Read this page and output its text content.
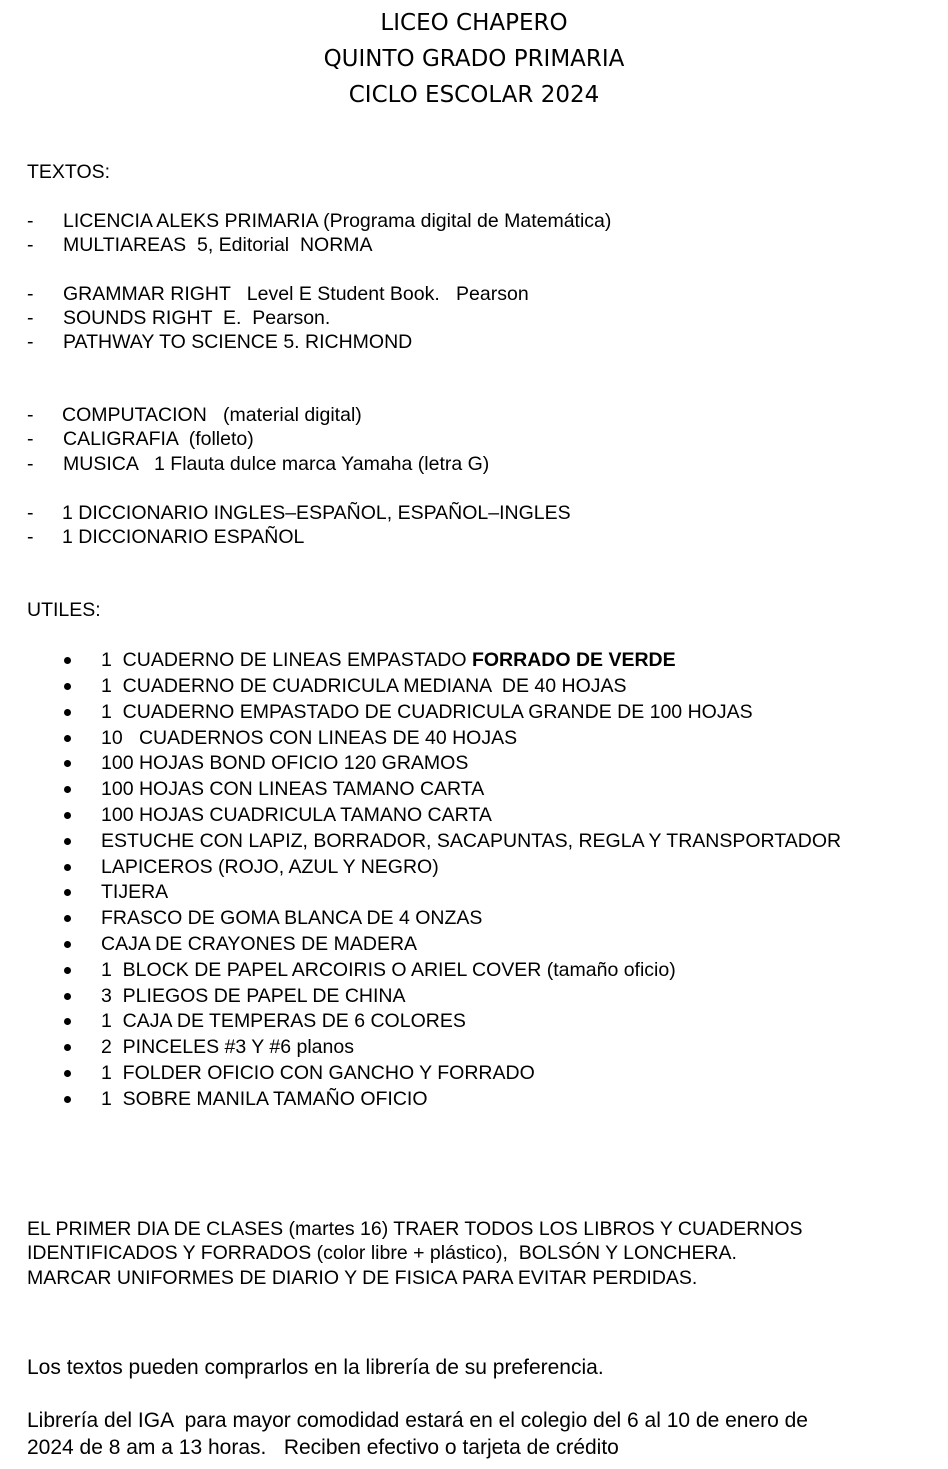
LICEO CHAPERO
QUINTO GRADO PRIMARIA
CICLO ESCOLAR 2024
TEXTOS:
- LICENCIA ALEKS PRIMARIA (Programa digital de Matemática)
- MULTIAREAS  5, Editorial  NORMA
- GRAMMAR RIGHT   Level E Student Book.   Pearson
- SOUNDS RIGHT  E.  Pearson.
- PATHWAY TO SCIENCE 5. RICHMOND
- COMPUTACION   (material digital)
- CALIGRAFIA  (folleto)
- MUSICA   1 Flauta dulce marca Yamaha (letra G)
- 1 DICCIONARIO INGLES–ESPAÑOL, ESPAÑOL–INGLES
- 1 DICCIONARIO ESPAÑOL
UTILES:
1  CUADERNO DE LINEAS EMPASTADO FORRADO DE VERDE
1  CUADERNO DE CUADRICULA MEDIANA  DE 40 HOJAS
1  CUADERNO EMPASTADO DE CUADRICULA GRANDE DE 100 HOJAS
10   CUADERNOS CON LINEAS DE 40 HOJAS
100 HOJAS BOND OFICIO 120 GRAMOS
100 HOJAS CON LINEAS TAMANO CARTA
100 HOJAS CUADRICULA TAMANO CARTA
ESTUCHE CON LAPIZ, BORRADOR, SACAPUNTAS, REGLA Y TRANSPORTADOR
LAPICEROS (ROJO, AZUL Y NEGRO)
TIJERA
FRASCO DE GOMA BLANCA DE 4 ONZAS
CAJA DE CRAYONES DE MADERA
1  BLOCK DE PAPEL ARCOIRIS O ARIEL COVER (tamaño oficio)
3  PLIEGOS DE PAPEL DE CHINA
1  CAJA DE TEMPERAS DE 6 COLORES
2  PINCELES #3 Y #6 planos
1  FOLDER OFICIO CON GANCHO Y FORRADO
1  SOBRE MANILA TAMAÑO OFICIO
EL PRIMER DIA DE CLASES (martes 16) TRAER TODOS LOS LIBROS Y CUADERNOS
IDENTIFICADOS Y FORRADOS (color libre + plástico),  BOLSÓN Y LONCHERA.
MARCAR UNIFORMES DE DIARIO Y DE FISICA PARA EVITAR PERDIDAS.
Los textos pueden comprarlos en la librería de su preferencia.
Librería del IGA  para mayor comodidad estará en el colegio del 6 al 10 de enero de
2024 de 8 am a 13 horas.   Reciben efectivo o tarjeta de crédito
